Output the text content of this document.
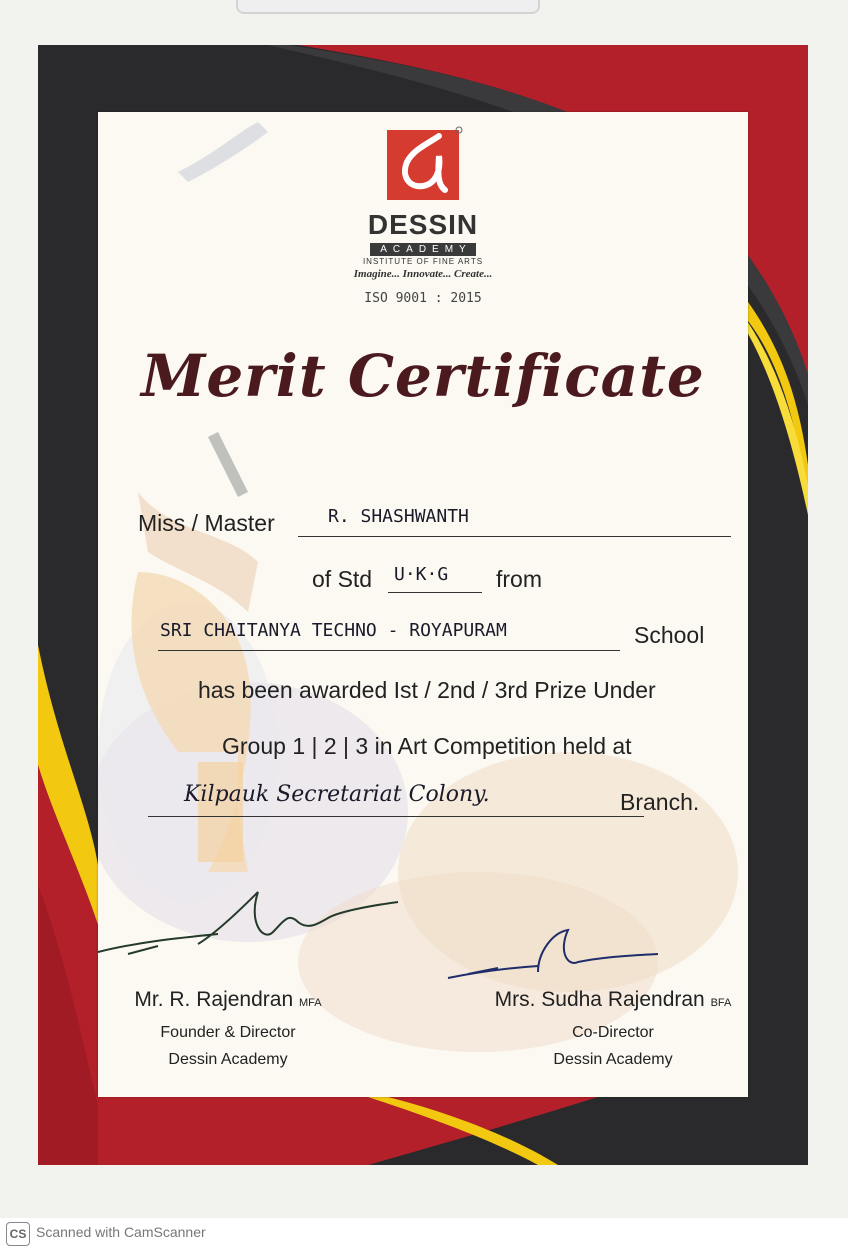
DESSIN
ACADEMY
INSTITUTE OF FINE ARTS
Imagine... Innovate... Create...
ISO 9001 : 2015
Merit Certificate
Miss / Master	R. SHASHWANTH
of Std	U·K·G	from
SRI CHAITANYA TECHNO - ROYAPURAM	School
has been awarded Ist / 2nd / 3rd Prize Under
Group 1 | 2 | 3 in Art Competition held at
Kilpauk Secretariat Colony.	Branch.
Mr. R. Rajendran MFA
Founder & Director
Dessin Academy
Mrs. Sudha Rajendran BFA
Co-Director
Dessin Academy
CS Scanned with CamScanner
